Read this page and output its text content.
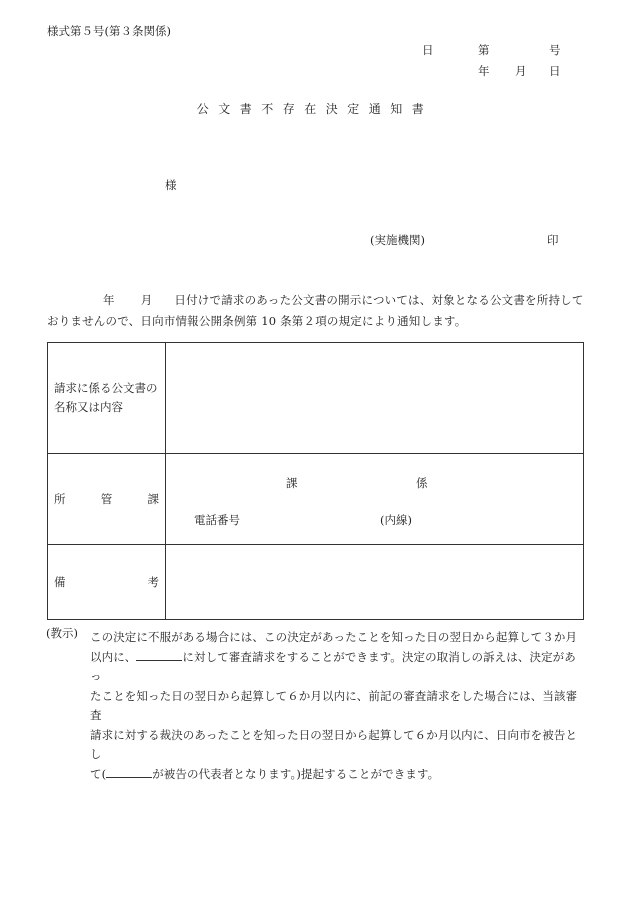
様式第５号(第３条関係)
日	第	号
年 月 日
公文書不存在決定通知書
様
(実施機関)	印
年 月 日付けで請求のあった公文書の開示については、対象となる公文書を所持して
おりませんので、日向市情報公開条例第 10 条第２項の規定により通知します。
請求に係る公文書の名称又は内容	

所 管 課	課 係
電話番号 (内線)

備 考	

(教示) この決定に不服がある場合には、この決定があったことを知った日の翌日から起算して３か月

以内に、	に対して審査請求をすることができます。決定の取消しの訴えは、決定があっ
たことを知った日の翌日から起算して６か月以内に、前記の審査請求をした場合には、当該審査
請求に対する裁決のあったことを知った日の翌日から起算して６か月以内に、日向市を被告とし
て(	が被告の代表者となります。)提起することができます。
